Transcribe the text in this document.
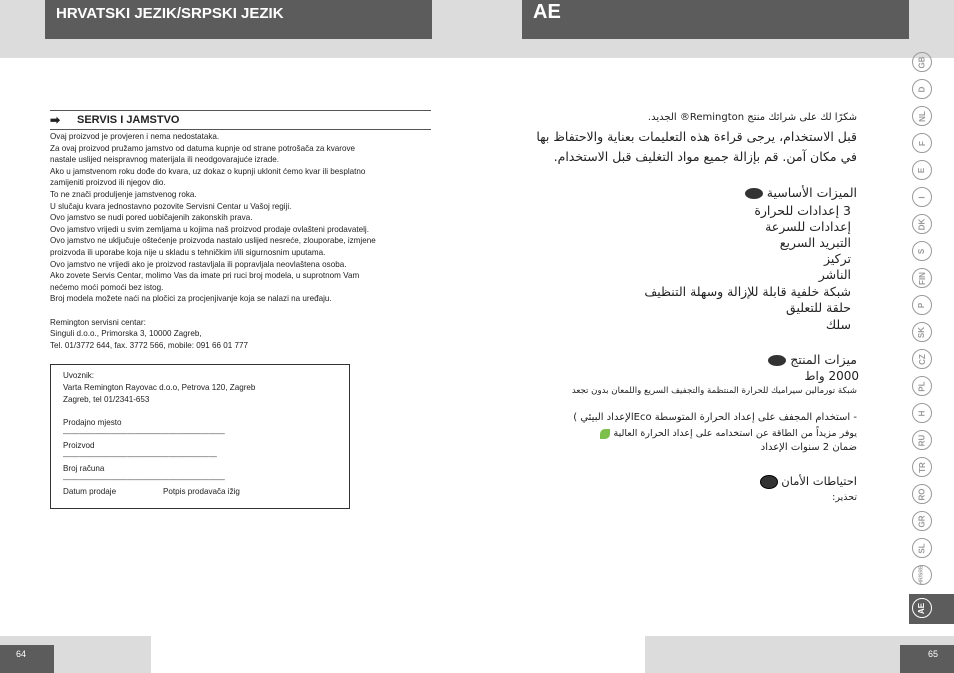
HRVATSKI JEZIK/SRPSKI JEZIK	AE
➡ SERVIS I JAMSTVO
Ovaj proizvod je provjeren i nema nedostataka.
Za ovaj proizvod pružamo jamstvo od datuma kupnje od strane potrošača za kvarove
nastale uslijed neispravnog materijala ili neodgovarajuće izrade.
Ako u jamstvenom roku dođe do kvara, uz dokaz o kupnji uklonit ćemo kvar ili besplatno
zamijeniti proizvod ili njegov dio.
To ne znači produljenje jamstvenog roka.
U slučaju kvara jednostavno pozovite Servisni Centar u Vašoj regiji.
Ovo jamstvo se nudi pored uobičajenih zakonskih prava.
Ovo jamstvo vrijedi u svim zemljama u kojima naš proizvod prodaje ovlašteni prodavatelj.
Ovo jamstvo ne uključuje oštećenje proizvoda nastalo uslijed nesreće, zlouporabe, izmjene
proizvoda ili uporabe koja nije u skladu s tehničkim i/ili sigurnosnim uputama.
Ovo jamstvo ne vrijedi ako je proizvod rastavljala ili popravljala neovlaštena osoba.
Ako zovete Servis Centar, molimo Vas da imate pri ruci broj modela, u suprotnom Vam
nećemo moći pomoći bez istog.
Broj modela možete naći na pločici za procjenjivanje koja se nalazi na uređaju.
Remington servisni centar:
Singuli d.o.o., Primorska 3, 10000 Zagreb,
Tel. 01/3772 644, fax. 3772 566, mobile: 091 66 01 777
Uvoznik:
Varta Remington Rayovac d.o.o, Petrova 120, Zagreb
Zagreb, tel 01/2341-653
Prodajno mjesto
————————————————————
Proizvod
———————————————————
Broj računa
————————————————————
Datum prodaje	Potpis prodavača ižig
شكرًا لك على شرائك منتج Remington® الجديد.
قبل الاستخدام، يرجى قراءة هذه التعليمات بعناية والاحتفاظ بها
في مكان آمن. قم بإزالة جميع مواد التغليف قبل الاستخدام.
الميزات الأساسية
3 إعدادات للحرارة
إعدادات للسرعة
التبريد السريع
تركيز
الناشر
شبكة خلفية قابلة للإزالة وسهلة التنظيف
حلقة للتعليق
سلك
ميزات المنتج
2000 واط
شبكة تورمالين سيراميك للحرارة المنتظمة والتجفيف السريع واللمعان بدون تجعد
- استخدام المجفف على إعداد الحرارة المتوسطة Ecoالإعداد البيئي )
يوفر مزيداً من الطاقة عن استخدامه على إعداد الحرارة العالية
ضمان 2 سنوات الإعداد
احتياطات الأمان
تحذير:
GB
D
NL
F
E
I
DK
S
FIN
P
SK
CZ
PL
H
RU
TR
RO
GR
SL
HR/SRB
AE
64	65
